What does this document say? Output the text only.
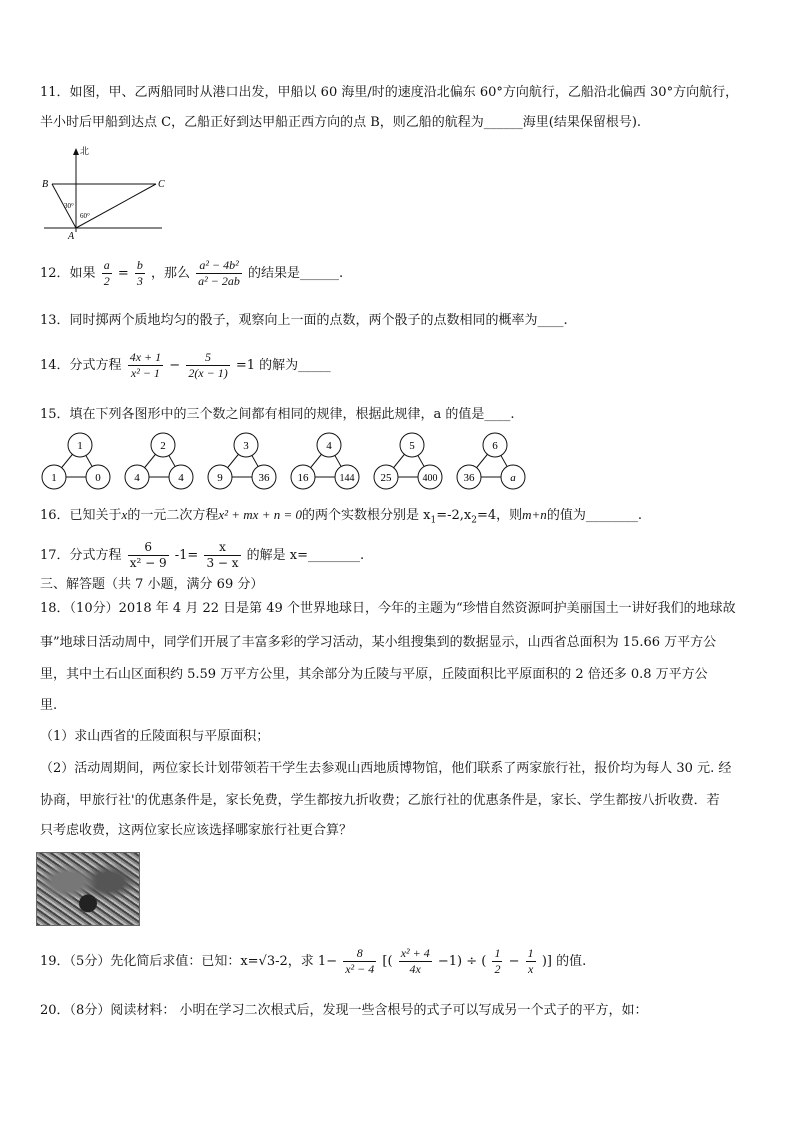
11．如图，甲、乙两船同时从港口出发，甲船以 60 海里/时的速度沿北偏东 60°方向航行，乙船沿北偏西 30°方向航行，
半小时后甲船到达点 C，乙船正好到达甲船正西方向的点 B，则乙船的航程为______海里(结果保留根号).
北
B	C
A
30°
60°
12．如果 $\frac{a}{2} = \frac{b}{3}$ ，那么 $\frac{\text{a² − 4b²}}{\text{a² − 2ab}}$ 的结果是______.
13．同时掷两个质地均匀的骰子，观察向上一面的点数，两个骰子的点数相同的概率为____.
14．分式方程 $\frac{4x + 1}{\text{x² − 1}} - \frac{5}{2(x - 1)} =1$ 的解为_____
15．填在下列各图形中的三个数之间都有相同的规律，根据此规律，a 的值是____.
1
1	0
2
4	4
3
9	36
4
16	144
5
25	400
6
36	a
16．已知关于x的一元二次方程x² + mx + n = 0的两个实数根分别是 $x_1=-2,x_2=4$，则m+n的值为________.
17．分式方程 $\frac{6}{\text{x² − 9}} -1= \frac{x}{3 - x}$ 的解是 x=________.
三、解答题（共 7 小题，满分 69 分）
18．（10分）2018 年 4 月 22 日是第 49 个世界地球日，今年的主题为“珍惜自然资源呵护美丽国土一讲好我们的地球故
事”地球日活动周中，同学们开展了丰富多彩的学习活动，某小组搜集到的数据显示，山西省总面积为 15.66 万平方公
里，其中土石山区面积约 5.59 万平方公里，其余部分为丘陵与平原，丘陵面积比平原面积的 2 倍还多 0.8 万平方公
里.
（1）求山西省的丘陵面积与平原面积；
（2）活动周期间，两位家长计划带领若干学生去参观山西地质博物馆，他们联系了两家旅行社，报价均为每人 30 元. 经
协商，甲旅行社'的优惠条件是，家长免费，学生都按九折收费；乙旅行社的优惠条件是，家长、学生都按八折收费．若
只考虑收费，这两位家长应该选择哪家旅行社更合算？
19．（5分）先化简后求值：已知：x=√3-2，求 $1- \frac{8}{\text{x² − 4}}$ [( $\frac{\text{x² + 4}}{4x} -1$) ÷ ( $\frac{1}{2} - \frac{1}{x}$ )] 的值.
20．（8分）阅读材料： 小明在学习二次根式后，发现一些含根号的式子可以写成另一个式子的平方，如：
